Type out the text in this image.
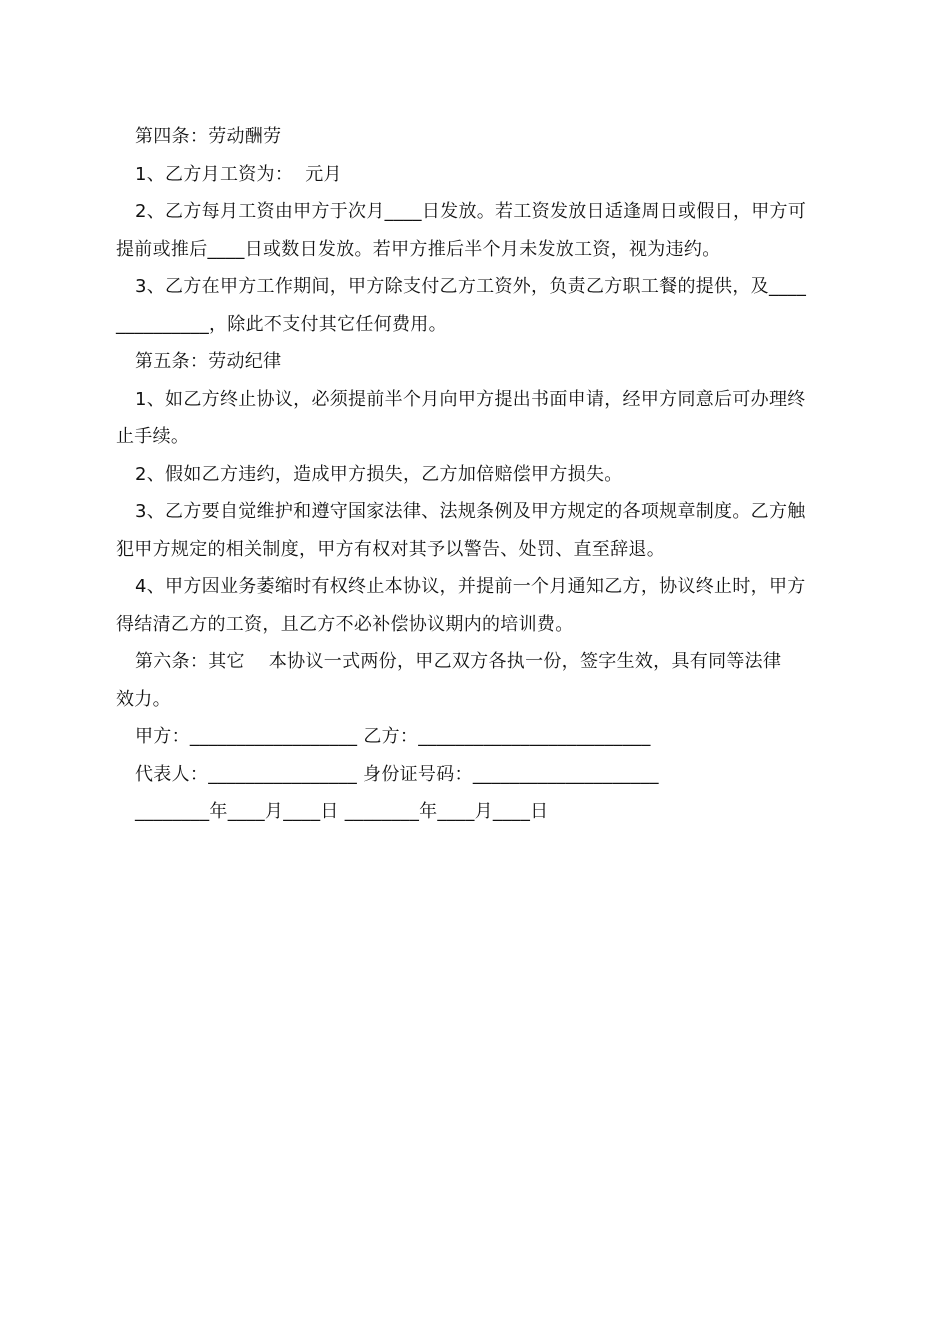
第四条：劳动酬劳
1、乙方月工资为：  元月
2、乙方每月工资由甲方于次月____日发放。若工资发放日适逢周日或假日，甲方可
提前或推后____日或数日发放。若甲方推后半个月未发放工资，视为违约。
3、乙方在甲方工作期间，甲方除支付乙方工资外，负责乙方职工餐的提供，及____
__________，除此不支付其它任何费用。
第五条：劳动纪律
1、如乙方终止协议，必须提前半个月向甲方提出书面申请，经甲方同意后可办理终
止手续。
2、假如乙方违约，造成甲方损失，乙方加倍赔偿甲方损失。
3、乙方要自觉维护和遵守国家法律、法规条例及甲方规定的各项规章制度。乙方触
犯甲方规定的相关制度，甲方有权对其予以警告、处罚、直至辞退。
4、甲方因业务萎缩时有权终止本协议，并提前一个月通知乙方，协议终止时，甲方
得结清乙方的工资，且乙方不必补偿协议期内的培训费。
第六条：其它    本协议一式两份，甲乙双方各执一份，签字生效，具有同等法律
效力。
甲方：__________________ 乙方：_________________________
代表人：________________ 身份证号码：____________________
________年____月____日 ________年____月____日
